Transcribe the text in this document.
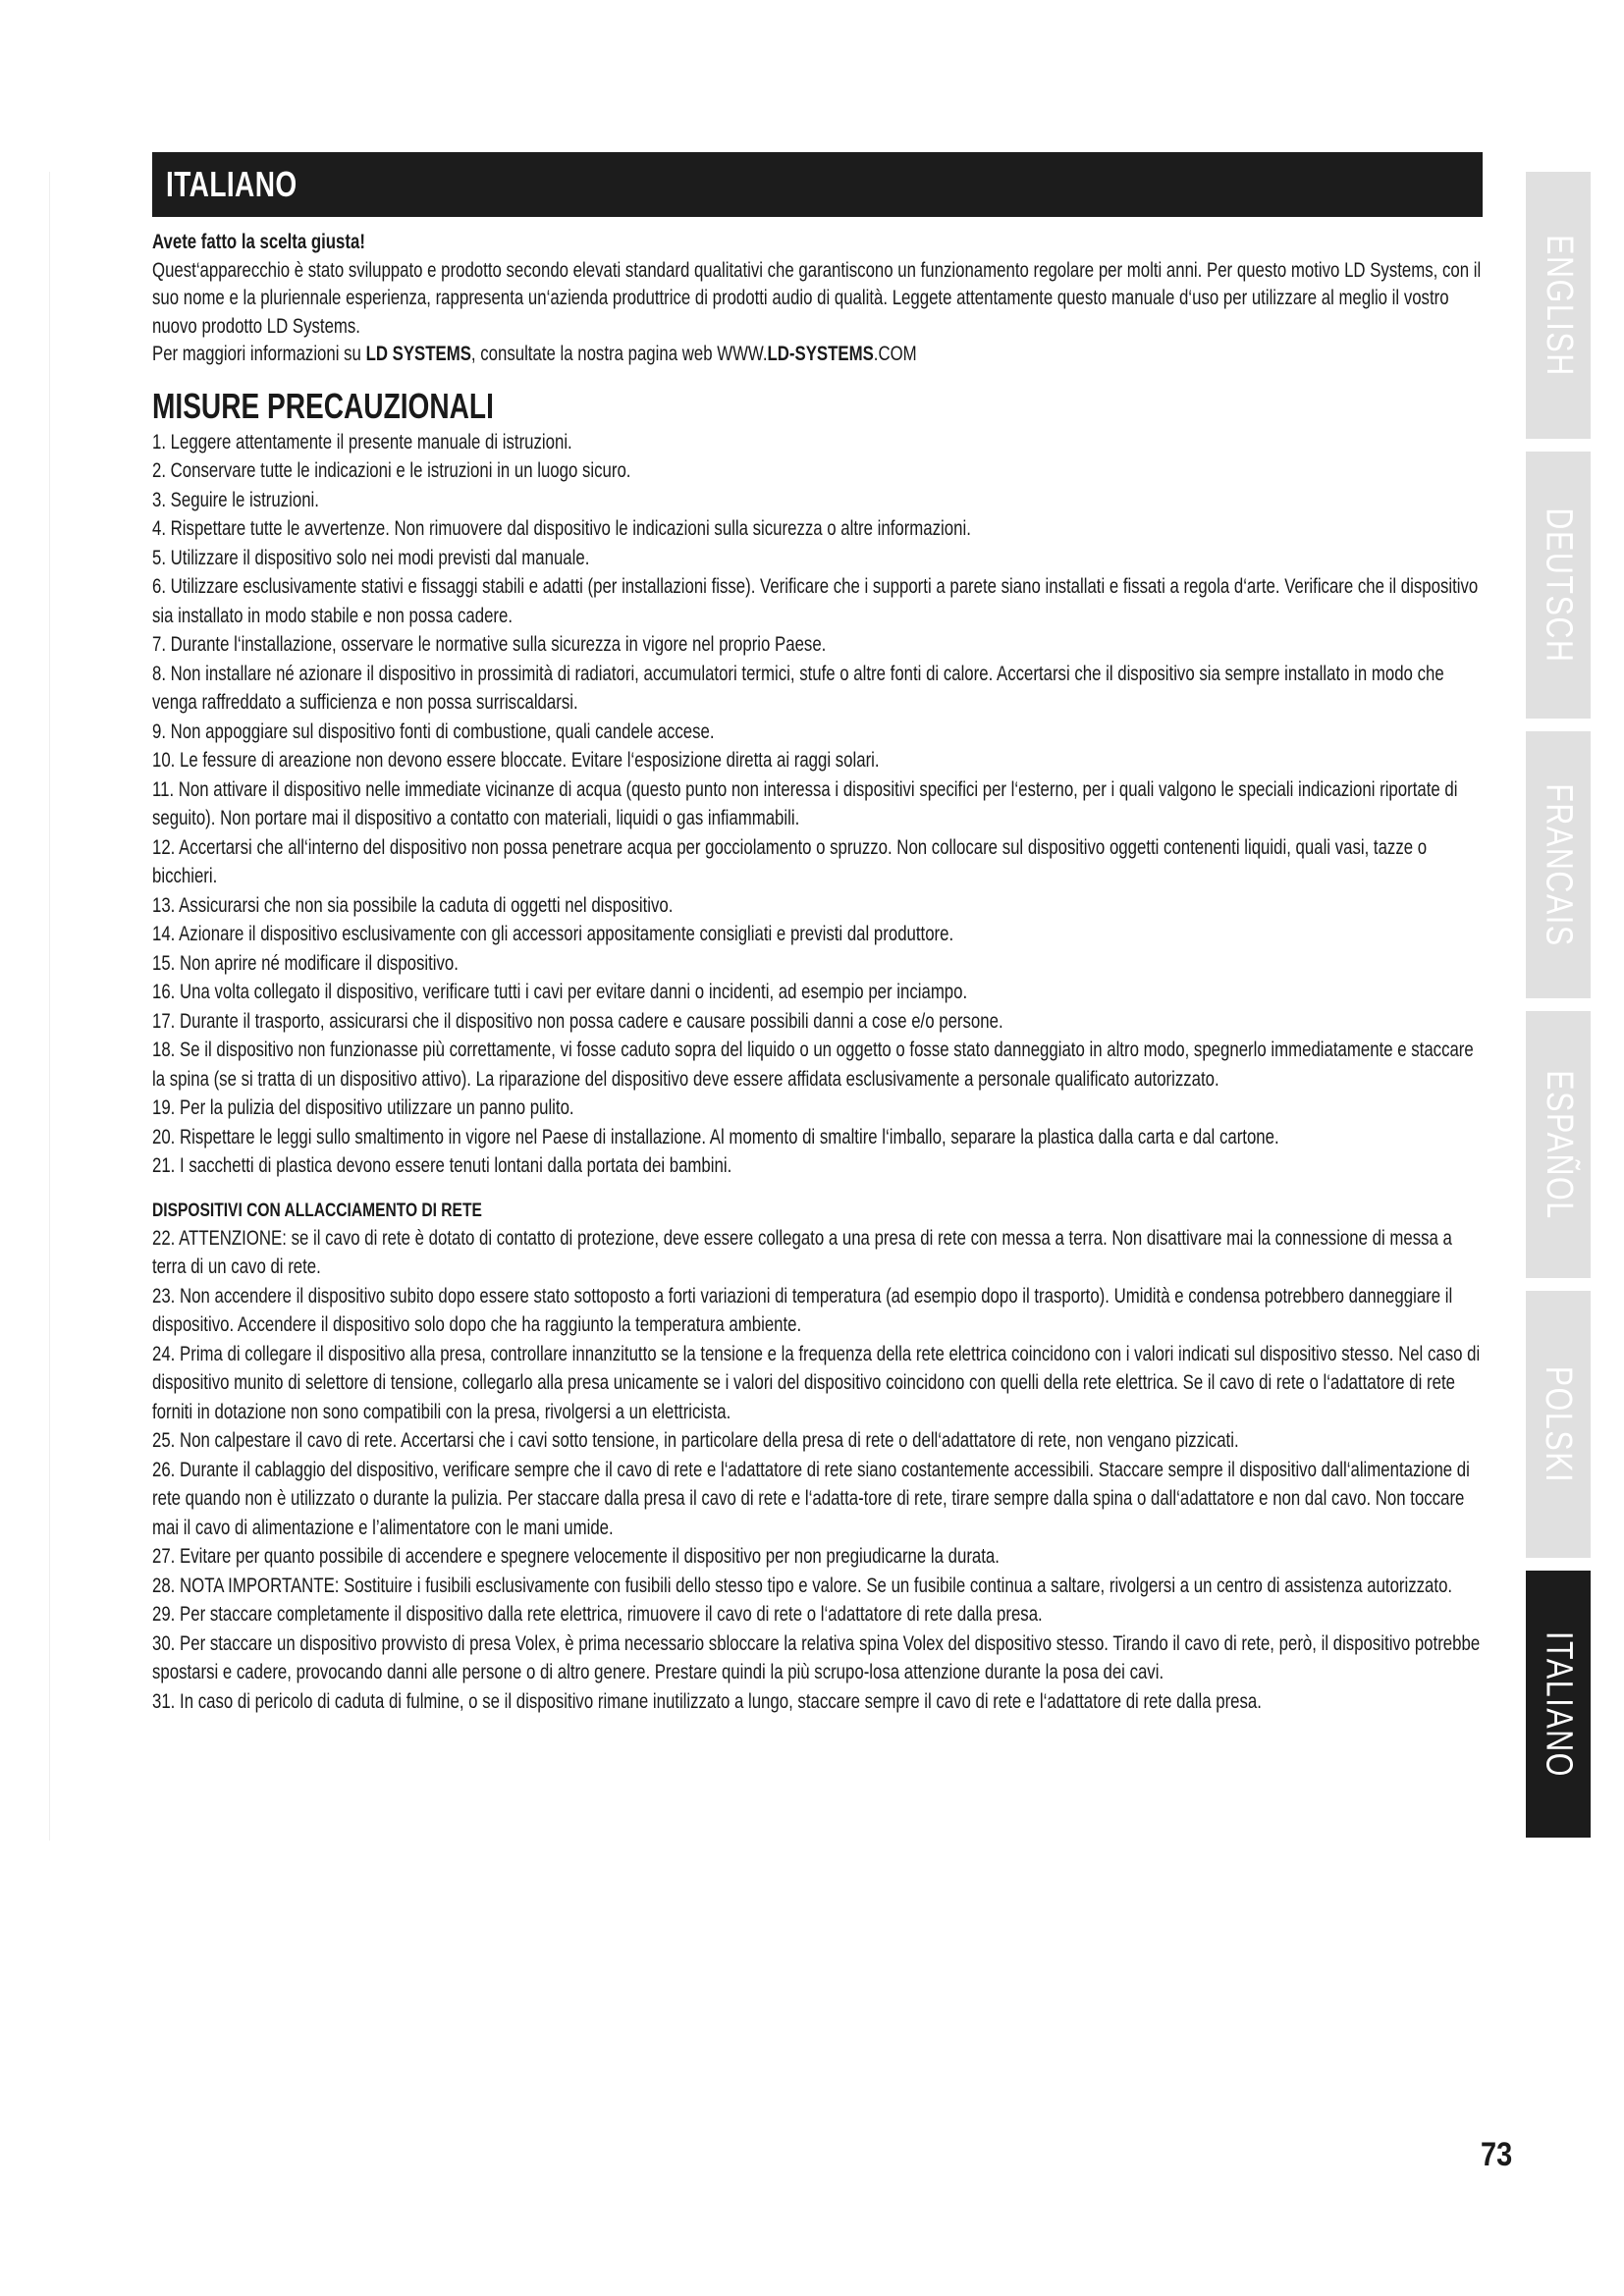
ITALIANO
Avete fatto la scelta giusta!
Quest‘apparecchio è stato sviluppato e prodotto secondo elevati standard qualitativi che garantiscono un funzionamento regolare per molti anni. Per questo motivo LD Systems, con il suo nome e la pluriennale esperienza, rappresenta un‘azienda produttrice di prodotti audio di qualità. Leggete attentamente questo manuale d‘uso per utilizzare al meglio il vostro nuovo prodotto LD Systems.
Per maggiori informazioni su LD SYSTEMS, consultate la nostra pagina web WWW.LD-SYSTEMS.COM
MISURE PRECAUZIONALI

1. Leggere attentamente il presente manuale di istruzioni.

2. Conservare tutte le indicazioni e le istruzioni in un luogo sicuro.

3. Seguire le istruzioni.

4. Rispettare tutte le avvertenze. Non rimuovere dal dispositivo le indicazioni sulla sicurezza o altre informazioni.

5. Utilizzare il dispositivo solo nei modi previsti dal manuale.

6. Utilizzare esclusivamente stativi e fissaggi stabili e adatti (per installazioni fisse). Verificare che i supporti a parete siano installati e fissati a regola d‘arte. Verificare che il dispositivo sia installato in modo stabile e non possa cadere.

7. Durante l‘installazione, osservare le normative sulla sicurezza in vigore nel proprio Paese.

8. Non installare né azionare il dispositivo in prossimità di radiatori, accumulatori termici, stufe o altre fonti di calore. Accertarsi che il dispositivo sia sempre installato in modo che venga raffreddato a sufficienza e non possa surriscaldarsi.

9. Non appoggiare sul dispositivo fonti di combustione, quali candele accese.

10. Le fessure di areazione non devono essere bloccate. Evitare l‘esposizione diretta ai raggi solari.

11. Non attivare il dispositivo nelle immediate vicinanze di acqua (questo punto non interessa i dispositivi specifici per l‘esterno, per i quali valgono le speciali indicazioni riportate di seguito). Non portare mai il dispositivo a contatto con materiali, liquidi o gas infiammabili.

12. Accertarsi che all‘interno del dispositivo non possa penetrare acqua per gocciolamento o spruzzo. Non collocare sul dispositivo oggetti contenenti liquidi, quali vasi, tazze o bicchieri.

13. Assicurarsi che non sia possibile la caduta di oggetti nel dispositivo.

14. Azionare il dispositivo esclusivamente con gli accessori appositamente consigliati e previsti dal produttore.

15. Non aprire né modificare il dispositivo.

16. Una volta collegato il dispositivo, verificare tutti i cavi per evitare danni o incidenti, ad esempio per inciampo.

17. Durante il trasporto, assicurarsi che il dispositivo non possa cadere e causare possibili danni a cose e/o persone.

18. Se il dispositivo non funzionasse più correttamente, vi fosse caduto sopra del liquido o un oggetto o fosse stato danneggiato in altro modo, spegnerlo immediatamente e staccare la spina (se si tratta di un dispositivo attivo). La riparazione del dispositivo deve essere affidata esclusivamente a personale qualificato autorizzato.

19. Per la pulizia del dispositivo utilizzare un panno pulito.

20. Rispettare le leggi sullo smaltimento in vigore nel Paese di installazione. Al momento di smaltire l‘imballo, separare la plastica dalla carta e dal cartone.

21. I sacchetti di plastica devono essere tenuti lontani dalla portata dei bambini.

DISPOSITIVI CON ALLACCIAMENTO DI RETE

22. ATTENZIONE: se il cavo di rete è dotato di contatto di protezione, deve essere collegato a una presa di rete con messa a terra. Non disattivare mai la connessione di messa a terra di un cavo di rete.

23. Non accendere il dispositivo subito dopo essere stato sottoposto a forti variazioni di temperatura (ad esempio dopo il trasporto). Umidità e condensa potrebbero danneggiare il dispositivo. Accendere il dispositivo solo dopo che ha raggiunto la temperatura ambiente.

24. Prima di collegare il dispositivo alla presa, controllare innanzitutto se la tensione e la frequenza della rete elettrica coincidono con i valori indicati sul dispositivo stesso. Nel caso di dispositivo munito di selettore di tensione, collegarlo alla presa unicamente se i valori del dispositivo coincidono con quelli della rete elettrica. Se il cavo di rete o l‘adattatore di rete forniti in dotazione non sono compatibili con la presa, rivolgersi a un elettricista.

25. Non calpestare il cavo di rete. Accertarsi che i cavi sotto tensione, in particolare della presa di rete o dell‘adattatore di rete, non vengano pizzicati.

26. Durante il cablaggio del dispositivo, verificare sempre che il cavo di rete e l‘adattatore di rete siano costantemente accessibili. Staccare sempre il dispositivo dall‘alimentazione di rete quando non è utilizzato o durante la pulizia. Per staccare dalla presa il cavo di rete e l‘adatta-tore di rete, tirare sempre dalla spina o dall‘adattatore e non dal cavo. Non toccare mai il cavo di alimentazione e l’alimentatore con le mani umide.

27. Evitare per quanto possibile di accendere e spegnere velocemente il dispositivo per non pregiudicarne la durata.

28. NOTA IMPORTANTE: Sostituire i fusibili esclusivamente con fusibili dello stesso tipo e valore. Se un fusibile continua a saltare, rivolgersi a un centro di assistenza autorizzato.

29. Per staccare completamente il dispositivo dalla rete elettrica, rimuovere il cavo di rete o l‘adattatore di rete dalla presa.

30. Per staccare un dispositivo provvisto di presa Volex, è prima necessario sbloccare la relativa spina Volex del dispositivo stesso. Tirando il cavo di rete, però, il dispositivo potrebbe spostarsi e cadere, provocando danni alle persone o di altro genere. Prestare quindi la più scrupo-losa attenzione durante la posa dei cavi.

31. In caso di pericolo di caduta di fulmine, o se il dispositivo rimane inutilizzato a lungo, staccare sempre il cavo di rete e l‘adattatore di rete dalla presa.

ENGLISH
DEUTSCH
FRANCAIS
ESPAÑOL
POLSKI
ITALIANO
73
